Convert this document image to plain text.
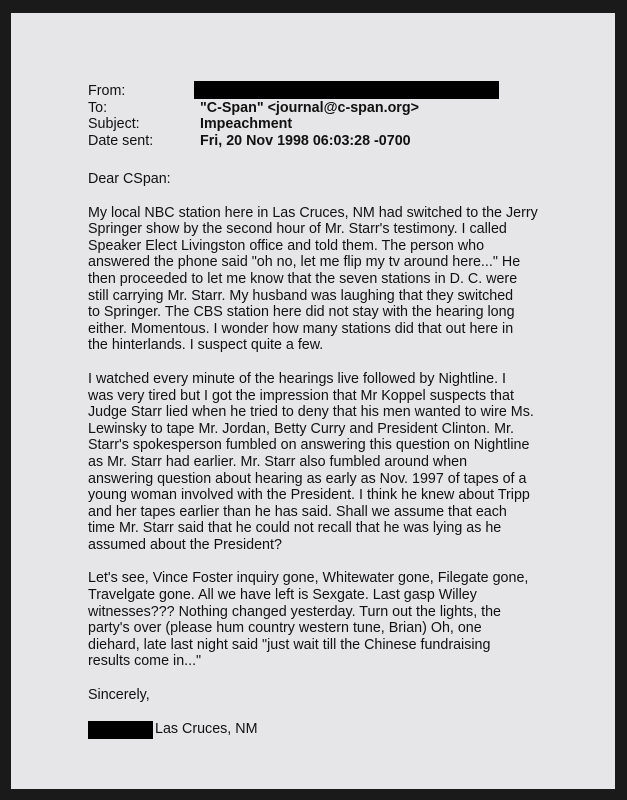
From:
To:	"C-Span" <journal@c-span.org>
Subject:	Impeachment
Date sent:	Fri, 20 Nov 1998 06:03:28 -0700

Dear CSpan:

My local NBC station here in Las Cruces, NM had switched to the Jerry
Springer show by the second hour of Mr. Starr's testimony. I called
Speaker Elect Livingston office and told them. The person who
answered the phone said "oh no, let me flip my tv around here..." He
then proceeded to let me know that the seven stations in D. C. were
still carrying Mr. Starr. My husband was laughing that they switched
to Springer. The CBS station here did not stay with the hearing long
either. Momentous. I wonder how many stations did that out here in
the hinterlands. I suspect quite a few.

I watched every minute of the hearings live followed by Nightline. I
was very tired but I got the impression that Mr Koppel suspects that
Judge Starr lied when he tried to deny that his men wanted to wire Ms.
Lewinsky to tape Mr. Jordan, Betty Curry and President Clinton. Mr.
Starr's spokesperson fumbled on answering this question on Nightline
as Mr. Starr had earlier. Mr. Starr also fumbled around when
answering question about hearing as early as Nov. 1997 of tapes of a
young woman involved with the President. I think he knew about Tripp
and her tapes earlier than he has said. Shall we assume that each
time Mr. Starr said that he could not recall that he was lying as he
assumed about the President?

Let's see, Vince Foster inquiry gone, Whitewater gone, Filegate gone,
Travelgate gone. All we have left is Sexgate. Last gasp Willey
witnesses??? Nothing changed yesterday. Turn out the lights, the
party's over (please hum country western tune, Brian) Oh, one
diehard, late last night said "just wait till the Chinese fundraising
results come in..."

Sincerely,

Las Cruces, NM
